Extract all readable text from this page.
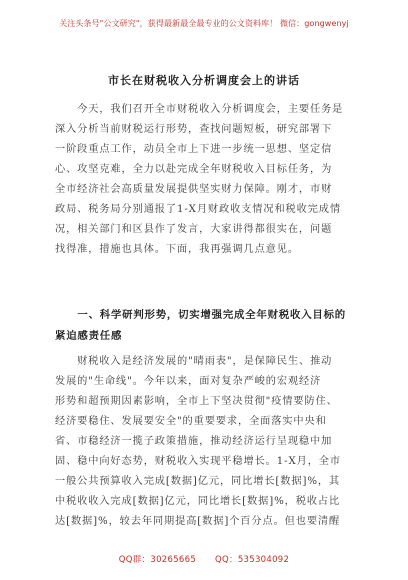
关注头条号"公文研究"，获得最新最全最专业的公文资料库！ 微信：gongwenyj
市长在财税收入分析调度会上的讲话
　　今天，我们召开全市财税收入分析调度会，主要任务是
深入分析当前财税运行形势，查找问题短板，研究部署下
一阶段重点工作，动员全市上下进一步统一思想、坚定信
心、攻坚克难，全力以赴完成全年财税收入目标任务，为
全市经济社会高质量发展提供坚实财力保障。刚才，市财
政局、税务局分别通报了1-X月财政收支情况和税收完成情
况，相关部门和区县作了发言，大家讲得都很实在，问题
找得准，措施也具体。下面，我再强调几点意见。
　　一、科学研判形势，切实增强完成全年财税收入目标的
紧迫感责任感
　　财税收入是经济发展的"晴雨表"，是保障民生、推动
发展的"生命线"。今年以来，面对复杂严峻的宏观经济
形势和超预期因素影响，全市上下坚决贯彻"疫情要防住、
经济要稳住、发展要安全"的重要要求，全面落实中央和
省、市稳经济一揽子政策措施，推动经济运行呈现稳中加
固、稳中向好态势，财税收入实现平稳增长。1-X月，全市
一般公共预算收入完成[数据]亿元，同比增长[数据]%，其
中税收收入完成[数据]亿元，同比增长[数据]%，税收占比
达[数据]%，较去年同期提高[数据]个百分点。但也要清醒
QQ群：30265665 QQ：535304092
